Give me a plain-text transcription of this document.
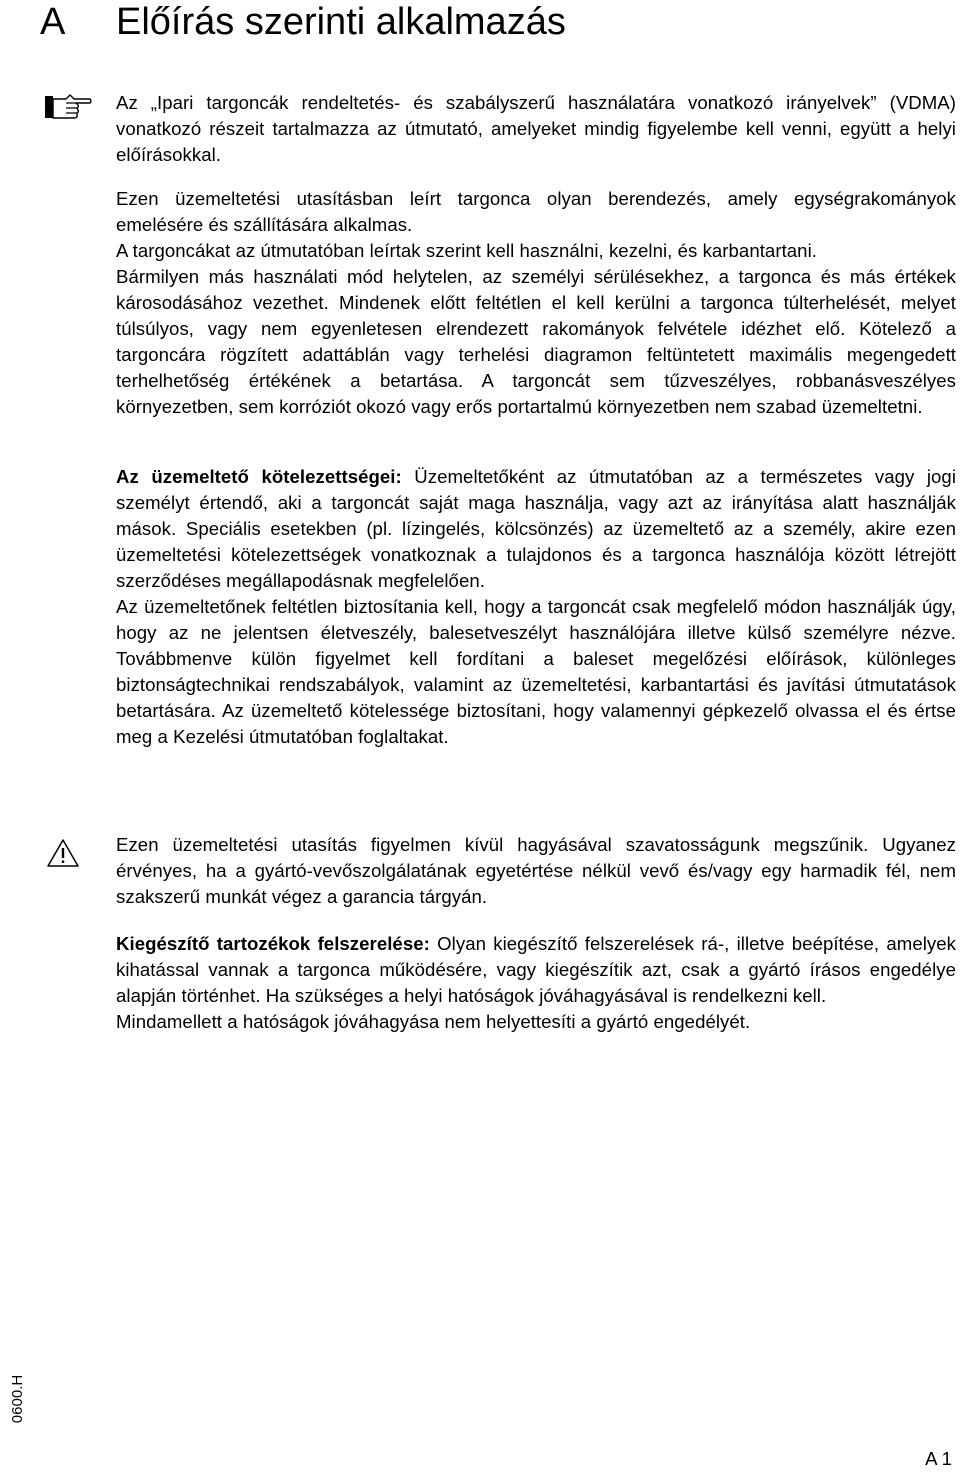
A Előírás szerinti alkalmazás

Az „Ipari targoncák rendeltetés- és szabályszerű használatára vonatkozó irányelvek” (VDMA) vonatkozó részeit tartalmazza az útmutató, amelyeket mindig figyelembe kell venni, együtt a helyi előírásokkal.

Ezen üzemeltetési utasításban leírt targonca olyan berendezés, amely egységrakományok emelésére és szállítására alkalmas.

A targoncákat az útmutatóban leírtak szerint kell használni, kezelni, és karbantartani.

Bármilyen más használati mód helytelen, az személyi sérülésekhez, a targonca és más értékek károsodásához vezethet. Mindenek előtt feltétlen el kell kerülni a targonca túlterhelését, melyet túlsúlyos, vagy nem egyenletesen elrendezett rakományok felvétele idézhet elő. Kötelező a targoncára rögzített adattáblán vagy terhelési diagramon feltüntetett maximális megengedett terhelhetőség értékének a betartása. A targoncát sem tűzveszélyes, robbanásveszélyes környezetben, sem korróziót okozó vagy erős portartalmú környezetben nem szabad üzemeltetni.

Az üzemeltető kötelezettségei: Üzemeltetőként az útmutatóban az a természetes vagy jogi személyt értendő, aki a targoncát saját maga használja, vagy azt az irányítása alatt használják mások. Speciális esetekben (pl. lízingelés, kölcsönzés) az üzemeltető az a személy, akire ezen üzemeltetési kötelezettségek vonatkoznak a tulajdonos és a targonca használója között létrejött szerződéses megállapodásnak megfelelően.

Az üzemeltetőnek feltétlen biztosítania kell, hogy a targoncát csak megfelelő módon használják úgy, hogy az ne jelentsen életveszély, balesetveszélyt használójára illetve külső személyre nézve. Továbbmenve külön figyelmet kell fordítani a baleset megelőzési előírások, különleges biztonságtechnikai rendszabályok, valamint az üzemeltetési, karbantartási és javítási útmutatások betartására. Az üzemeltető kötelessége biztosítani, hogy valamennyi gépkezelő olvassa el és értse meg a Kezelési útmutatóban foglaltakat.

Ezen üzemeltetési utasítás figyelmen kívül hagyásával szavatosságunk megszűnik. Ugyanez érvényes, ha a gyártó-vevőszolgálatának egyetértése nélkül vevő és/vagy egy harmadik fél, nem szakszerű munkát végez a garancia tárgyán.

Kiegészítő tartozékok felszerelése: Olyan kiegészítő felszerelések rá-, illetve beépítése, amelyek kihatással vannak a targonca működésére, vagy kiegészítik azt, csak a gyártó írásos engedélye alapján történhet. Ha szükséges a helyi hatóságok jóváhagyásával is rendelkezni kell.

Mindamellett a hatóságok jóváhagyása nem helyettesíti a gyártó engedélyét.

0600.H
A 1
